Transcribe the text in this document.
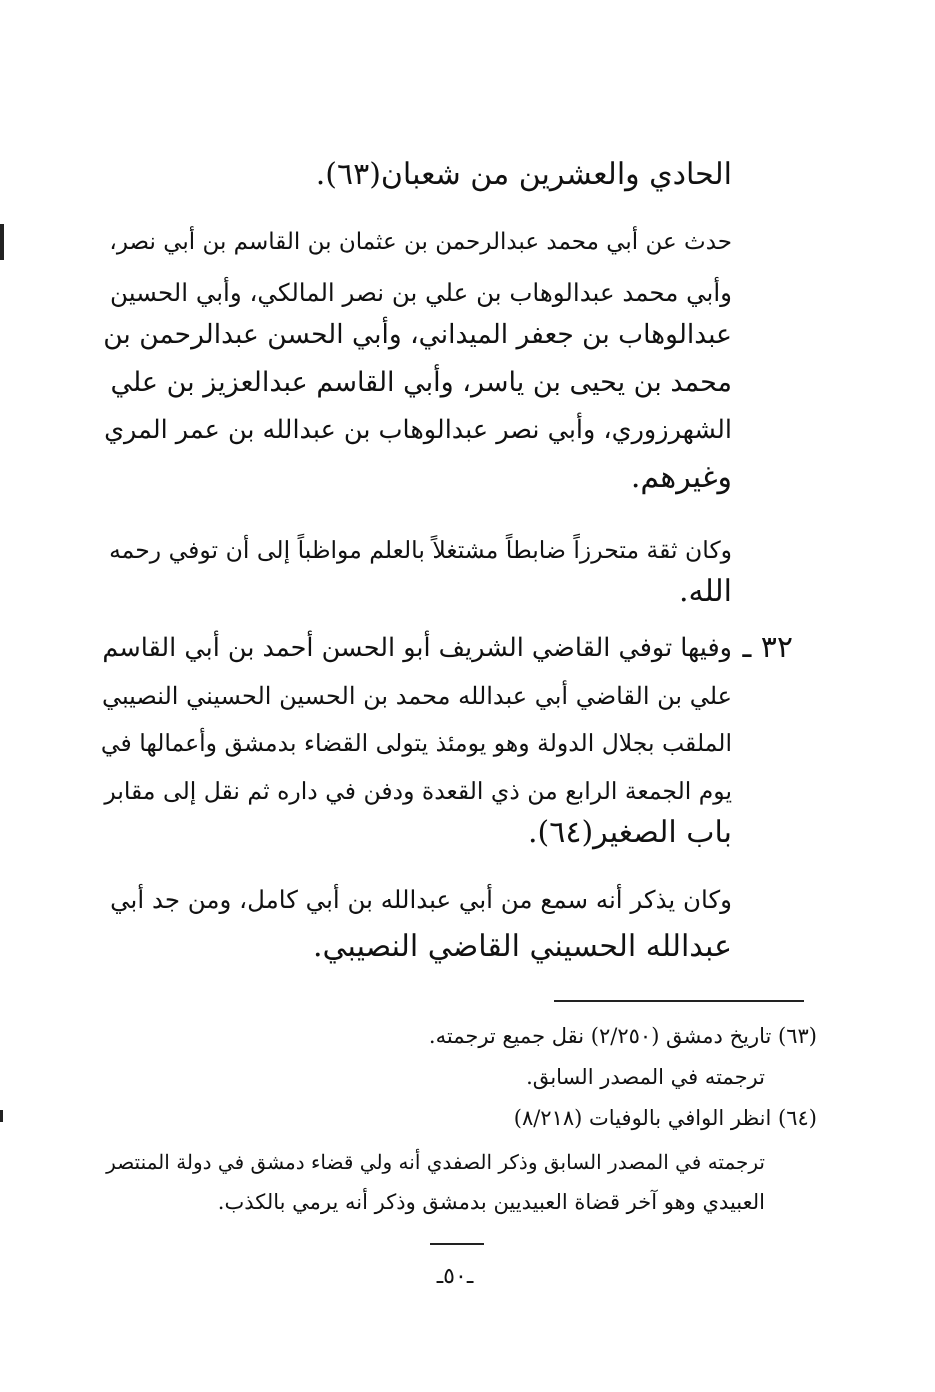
الحادي والعشرين من شعبان(٦٣).
حدث عن أبي محمد عبدالرحمن بن عثمان بن القاسم بن أبي نصر،
وأبي محمد عبدالوهاب بن علي بن نصر المالكي، وأبي الحسين
عبدالوهاب بن جعفر الميداني، وأبي الحسن عبدالرحمن بن
محمد بن يحيى بن ياسر، وأبي القاسم عبدالعزيز بن علي
الشهرزوري، وأبي نصر عبدالوهاب بن عبدالله بن عمر المري
وغيرهم.
وكان ثقة متحرزاً ضابطاً مشتغلاً بالعلم مواظباً إلى أن توفي رحمه
الله.
٣٢ ـ
وفيها توفي القاضي الشريف أبو الحسن أحمد بن أبي القاسم
علي بن القاضي أبي عبدالله محمد بن الحسين الحسيني النصيبي
الملقب بجلال الدولة وهو يومئذ يتولى القضاء بدمشق وأعمالها في
يوم الجمعة الرابع من ذي القعدة ودفن في داره ثم نقل إلى مقابر
باب الصغير(٦٤).
وكان يذكر أنه سمع من أبي عبدالله بن أبي كامل، ومن جد أبي
عبدالله الحسيني القاضي النصيبي.
(٦٣) تاريخ دمشق (٢/٢٥٠) نقل جميع ترجمته.
ترجمته في المصدر السابق.
(٦٤) انظر الوافي بالوفيات (٨/٢١٨)
ترجمته في المصدر السابق وذكر الصفدي أنه ولي قضاء دمشق في دولة المنتصر
العبيدي وهو آخر قضاة العبيديين بدمشق وذكر أنه يرمي بالكذب.
ـ٥٠ـ
